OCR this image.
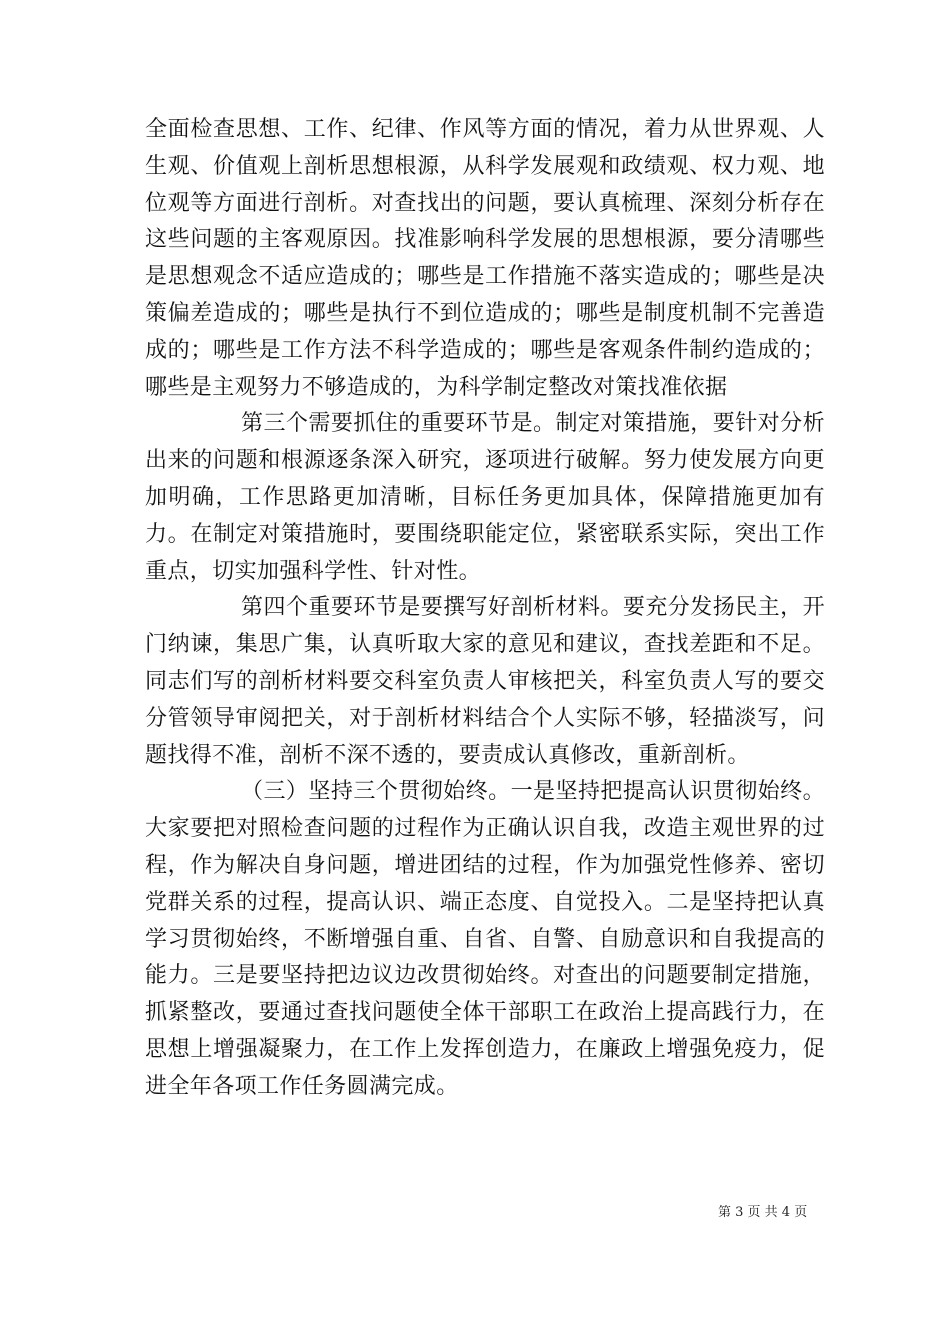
全面检查思想、工作、纪律、作风等方面的情况，着力从世界观、人生观、价值观上剖析思想根源，从科学发展观和政绩观、权力观、地位观等方面进行剖析。对查找出的问题，要认真梳理、深刻分析存在这些问题的主客观原因。找准影响科学发展的思想根源，要分清哪些是思想观念不适应造成的；哪些是工作措施不落实造成的；哪些是决策偏差造成的；哪些是执行不到位造成的；哪些是制度机制不完善造成的；哪些是工作方法不科学造成的；哪些是客观条件制约造成的；哪些是主观努力不够造成的，为科学制定整改对策找准依据

第三个需要抓住的重要环节是。制定对策措施，要针对分析出来的问题和根源逐条深入研究，逐项进行破解。努力使发展方向更加明确，工作思路更加清晰，目标任务更加具体，保障措施更加有力。在制定对策措施时，要围绕职能定位，紧密联系实际，突出工作重点，切实加强科学性、针对性。

第四个重要环节是要撰写好剖析材料。要充分发扬民主，开门纳谏，集思广集，认真听取大家的意见和建议，查找差距和不足。同志们写的剖析材料要交科室负责人审核把关，科室负责人写的要交分管领导审阅把关，对于剖析材料结合个人实际不够，轻描淡写，问题找得不准，剖析不深不透的，要责成认真修改，重新剖析。

（三）坚持三个贯彻始终。一是坚持把提高认识贯彻始终。大家要把对照检查问题的过程作为正确认识自我，改造主观世界的过程，作为解决自身问题，增进团结的过程，作为加强党性修养、密切党群关系的过程，提高认识、端正态度、自觉投入。二是坚持把认真学习贯彻始终，不断增强自重、自省、自警、自励意识和自我提高的能力。三是要坚持把边议边改贯彻始终。对查出的问题要制定措施，抓紧整改，要通过查找问题使全体干部职工在政治上提高践行力，在思想上增强凝聚力，在工作上发挥创造力，在廉政上增强免疫力，促进全年各项工作任务圆满完成。

第 3 页 共 4 页
